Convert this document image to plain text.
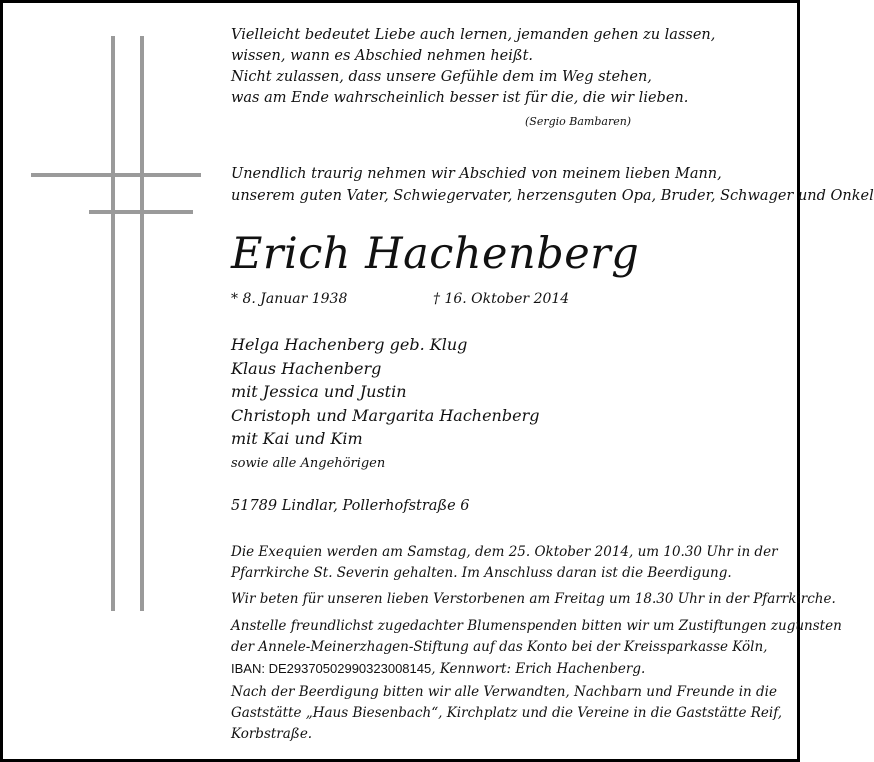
Vielleicht bedeutet Liebe auch lernen, jemanden gehen zu lassen,
wissen, wann es Abschied nehmen heißt.
Nicht zulassen, dass unsere Gefühle dem im Weg stehen,
was am Ende wahrscheinlich besser ist für die, die wir lieben.
(Sergio Bambaren)
Unendlich traurig nehmen wir Abschied von meinem lieben Mann,
unserem guten Vater, Schwiegervater, herzensguten Opa, Bruder, Schwager und Onkel
Erich Hachenberg
* 8. Januar 1938	† 16. Oktober 2014
Helga Hachenberg geb. Klug
Klaus Hachenberg
mit Jessica und Justin
Christoph und Margarita Hachenberg
mit Kai und Kim
sowie alle Angehörigen
51789 Lindlar, Pollerhofstraße 6
Die Exequien werden am Samstag, dem 25. Oktober 2014, um 10.30 Uhr in der
Pfarrkirche St. Severin gehalten. Im Anschluss daran ist die Beerdigung.
Wir beten für unseren lieben Verstorbenen am Freitag um 18.30 Uhr in der Pfarrkirche.
Anstelle freundlichst zugedachter Blumenspenden bitten wir um Zustiftungen zugunsten
der Annele-Meinerzhagen-Stiftung auf das Konto bei der Kreissparkasse Köln,
IBAN: DE29370502990323008145, Kennwort: Erich Hachenberg.
Nach der Beerdigung bitten wir alle Verwandten, Nachbarn und Freunde in die
Gaststätte „Haus Biesenbach“, Kirchplatz und die Vereine in die Gaststätte Reif,
Korbstraße.
